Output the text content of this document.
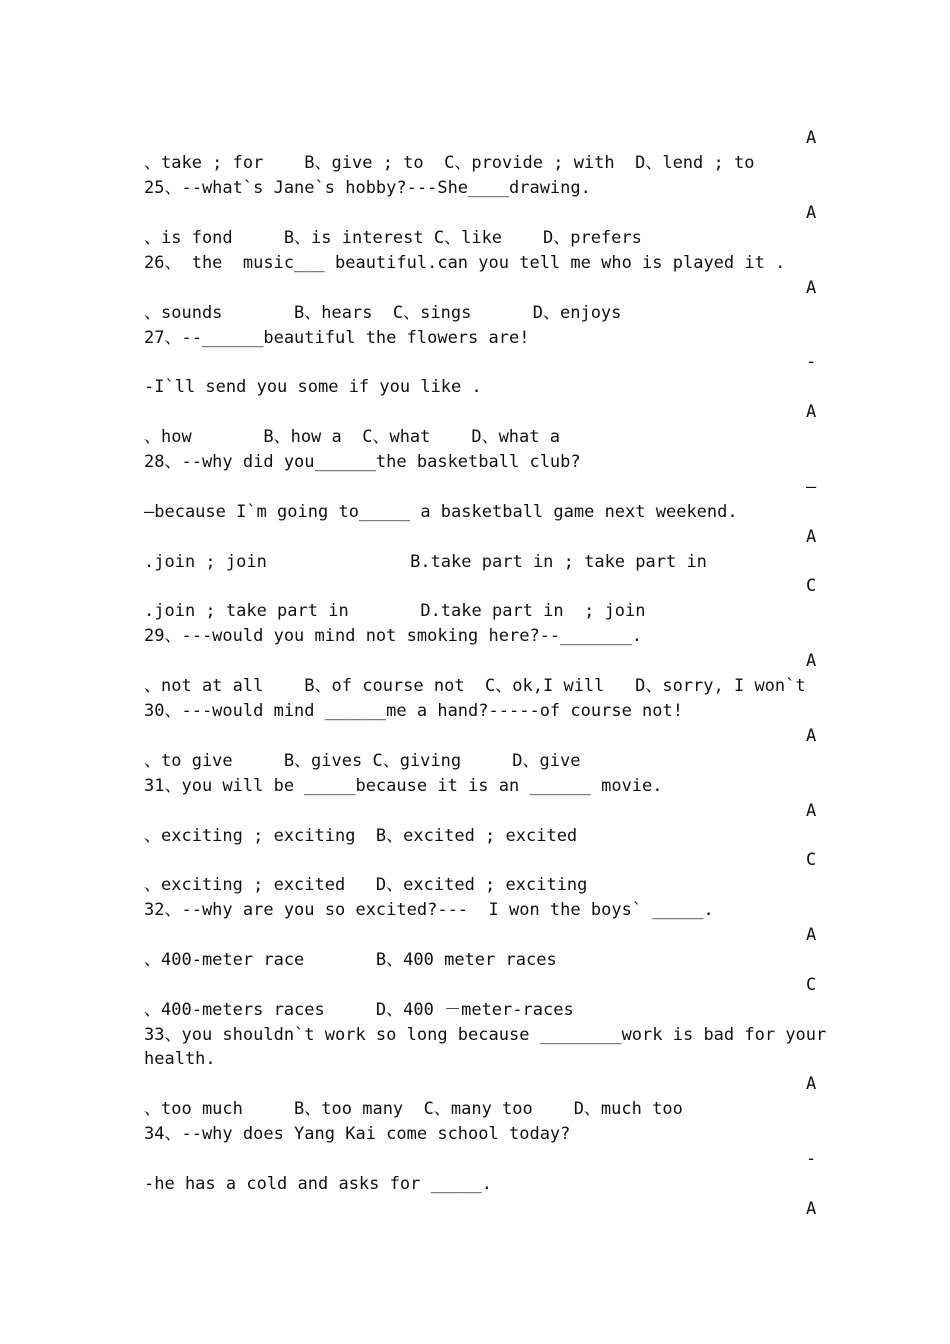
A
A
A
-
A
—
A
C
A
A
A
C
A
C
A
-
A
、take ; for    B、give ; to  C、provide ; with  D、lend ; to
25、--what`s Jane`s hobby?---She____drawing.
、is fond     B、is interest C、like    D、prefers
26、 the  music___ beautiful.can you tell me who is played it .
、sounds       B、hears  C、sings      D、enjoys
27、--______beautiful the flowers are!
-I`ll send you some if you like .
、how       B、how a  C、what    D、what a
28、--why did you______the basketball club?
—because I`m going to_____ a basketball game next weekend.
.join ; join              B.take part in ; take part in
.join ; take part in       D.take part in  ; join
29、---would you mind not smoking here?--_______.
、not at all    B、of course not  C、ok,I will   D、sorry, I won`t
30、---would mind ______me a hand?-----of course not!
、to give     B、gives C、giving     D、give
31、you will be _____because it is an ______ movie.
、exciting ; exciting  B、excited ; excited
、exciting ; excited   D、excited ; exciting
32、--why are you so excited?---  I won the boys` _____.
、400-meter race       B、400 meter races
、400-meters races     D、400 －meter-races
33、you shouldn`t work so long because ________work is bad for your
health.
、too much     B、too many  C、many too    D、much too
34、--why does Yang Kai come school today?
-he has a cold and asks for _____.
